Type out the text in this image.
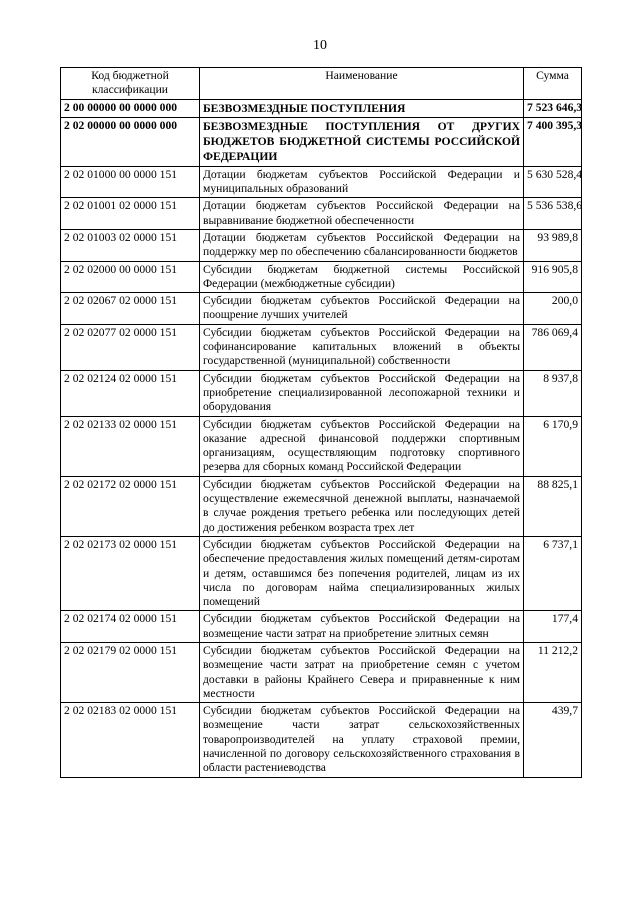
10
Код бюджетной классификации	Наименование	Сумма
2 00 00000 00 0000 000	БЕЗВОЗМЕЗДНЫЕ ПОСТУПЛЕНИЯ	7 523 646,3
2 02 00000 00 0000 000	БЕЗВОЗМЕЗДНЫЕ ПОСТУПЛЕНИЯ ОТ ДРУГИХ БЮДЖЕТОВ БЮДЖЕТНОЙ СИСТЕМЫ РОССИЙСКОЙ ФЕДЕРАЦИИ	7 400 395,3
2 02 01000 00 0000 151	Дотации бюджетам субъектов Российской Федерации и муниципальных образований	5 630 528,4
2 02 01001 02 0000 151	Дотации бюджетам субъектов Российской Федерации на выравнивание бюджетной обеспеченности	5 536 538,6
2 02 01003 02 0000 151	Дотации бюджетам субъектов Российской Федерации на поддержку мер по обеспечению сбалансированности бюджетов	93 989,8
2 02 02000 00 0000 151	Субсидии бюджетам бюджетной системы Российской Федерации (межбюджетные субсидии)	916 905,8
2 02 02067 02 0000 151	Субсидии бюджетам субъектов Российской Федерации на поощрение лучших учителей	200,0
2 02 02077 02 0000 151	Субсидии бюджетам субъектов Российской Федерации на софинансирование капитальных вложений в объекты государственной (муниципальной) собственности	786 069,4
2 02 02124 02 0000 151	Субсидии бюджетам субъектов Российской Федерации на приобретение специализированной лесопожарной техники и оборудования	8 937,8
2 02 02133 02 0000 151	Субсидии бюджетам субъектов Российской Федерации на оказание адресной финансовой поддержки спортивным организациям, осуществляющим подготовку спортивного резерва для сборных команд Российской Федерации	6 170,9
2 02 02172 02 0000 151	Субсидии бюджетам субъектов Российской Федерации на осуществление ежемесячной денежной выплаты, назначаемой в случае рождения третьего ребенка или последующих детей до достижения ребенком возраста трех лет	88 825,1
2 02 02173 02 0000 151	Субсидии бюджетам субъектов Российской Федерации на обеспечение предоставления жилых помещений детям-сиротам и детям, оставшимся без попечения родителей, лицам из их числа по договорам найма специализированных жилых помещений	6 737,1
2 02 02174 02 0000 151	Субсидии бюджетам субъектов Российской Федерации на возмещение части затрат на приобретение элитных семян	177,4
2 02 02179 02 0000 151	Субсидии бюджетам субъектов Российской Федерации на возмещение части затрат на приобретение семян с учетом доставки в районы Крайнего Севера и приравненные к ним местности	11 212,2
2 02 02183 02 0000 151	Субсидии бюджетам субъектов Российской Федерации на возмещение части затрат сельскохозяйственных товаропроизводителей на уплату страховой премии, начисленной по договору сельскохозяйственного страхования в области растениеводства	439,7
